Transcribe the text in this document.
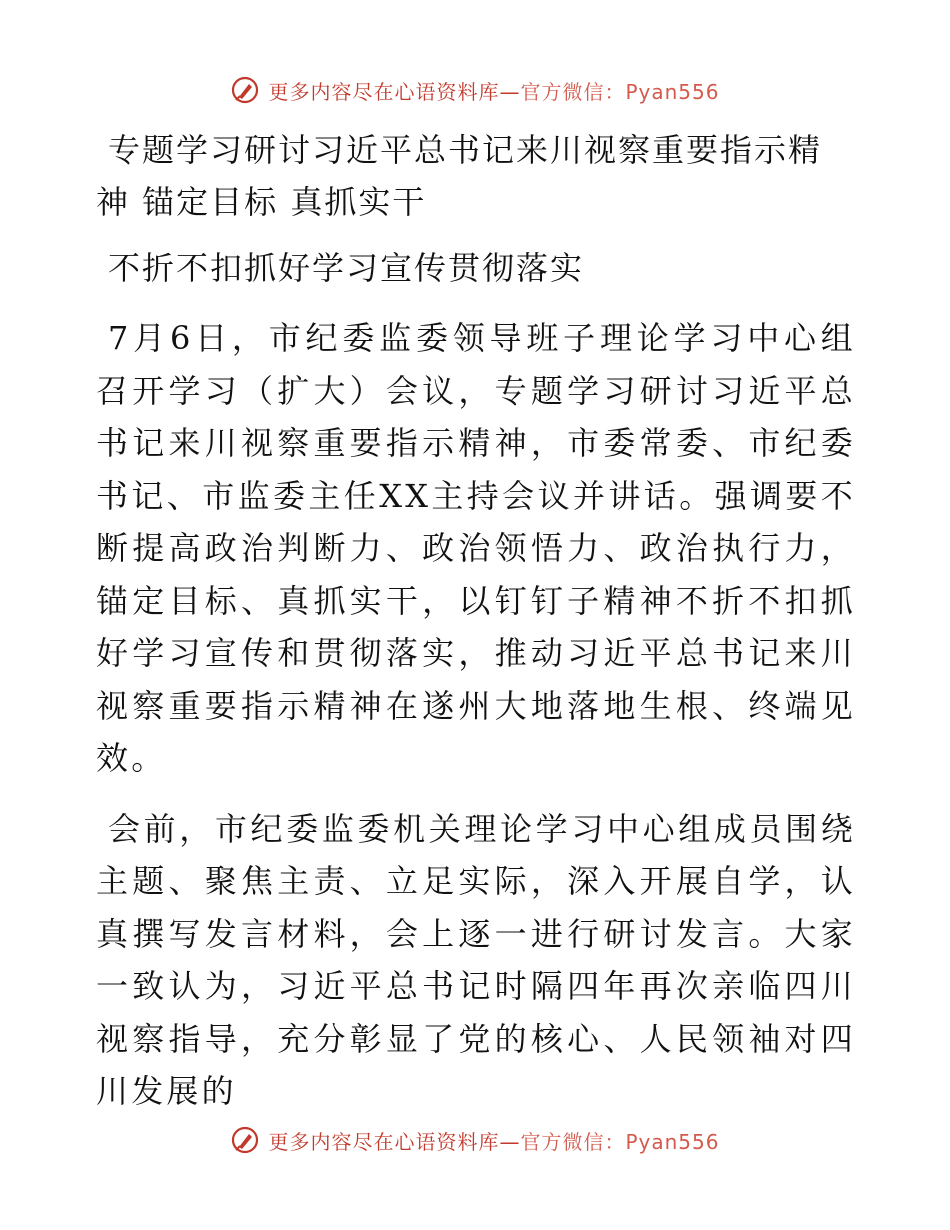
更多内容尽在心语资料库—官方微信：Pyan556
专题学习研讨习近平总书记来川视察重要指示精
神 锚定目标 真抓实干
不折不扣抓好学习宣传贯彻落实

7月6日，市纪委监委领导班子理论学习中心组召开学习（扩大）会议，专题学习研讨习近平总书记来川视察重要指示精神，市委常委、市纪委书记、市监委主任XX主持会议并讲话。强调要不断提高政治判断力、政治领悟力、政治执行力，锚定目标、真抓实干，以钉钉子精神不折不扣抓好学习宣传和贯彻落实，推动习近平总书记来川视察重要指示精神在遂州大地落地生根、终端见效。

会前，市纪委监委机关理论学习中心组成员围绕主题、聚焦主责、立足实际，深入开展自学，认真撰写发言材料，会上逐一进行研讨发言。大家一致认为，习近平总书记时隔四年再次亲临四川视察指导，充分彰显了党的核心、人民领袖对四川发展的

更多内容尽在心语资料库—官方微信：Pyan556
